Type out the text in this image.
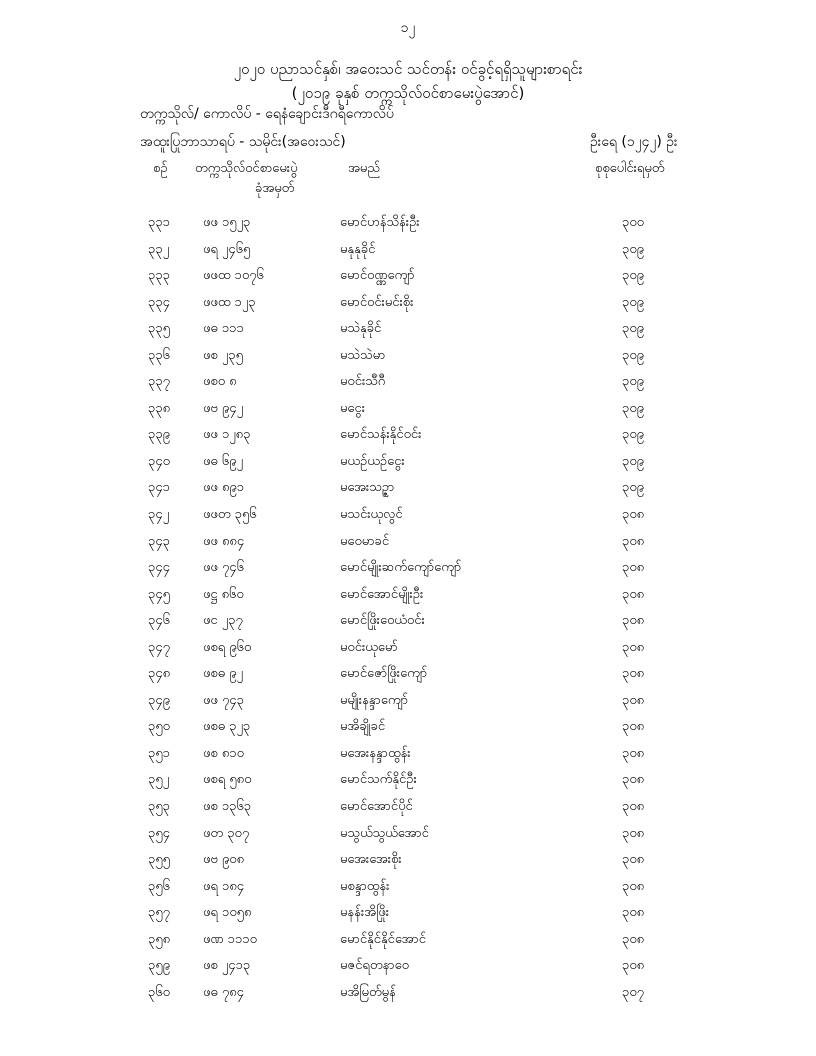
၁၂
၂၀၂၀ ပညာသင်နှစ်၊ အဝေးသင် သင်တန်း ဝင်ခွင့်ရရှိသူများစာရင်း
(၂၀၁၉ ခုနှစ် တက္ကသိုလ်ဝင်စာမေးပွဲအောင်)
တက္ကသိုလ်/ ကောလိပ် - ရေနံချောင်းဒီဂရီကောလိပ်
အထူးပြုဘာသာရပ် - သမိုင်း(အဝေးသင်)	ဦးရေ (၁၂၄၂) ဦး
စဉ် တက္ကသိုလ်ဝင်စာမေးပွဲ
ခုံအမှတ်
အမည်	စုစုပေါင်းရမှတ်
၃၃၁	ဖဖ ၁၅၂၃	မောင်ဟန်သိန်းဦး	၃၀၀
၃၃၂	ဖရ ၂၄၆၅	မနုနုခိုင်	၃၀၉
၃၃၃	ဖဖထ ၁၀၇၆	မောင်ဝဏ္ဏကျော်	၃၀၉
၃၃၄	ဖဖထ ၁၂၃	မောင်ဝင်းမင်းစိုး	၃၀၉
၃၃၅	ဖဓ ၁၁၁	မသဲနုခိုင်	၃၀၉
၃၃၆	ဖစ ၂၃၅	မသဲသဲမာ	၃၀၉
၃၃၇	ဖစဝ ၈	မဝင်းသီဂီ	၃၀၉
၃၃၈	ဖဗ ၉၄၂	မငွေး	၃၀၉
၃၃၉	ဖဖ ၁၂၈၃	မောင်သန်းနိုင်ဝင်း	၃၀၉
၃၄၀	ဖဓ ၆၉၂	မယဉ်ယဉ်ငွေး	၃၀၉
၃၄၁	ဖဖ ၈၉၁	မအေးသဉ္ဇာ	၃၀၉
၃၄၂	ဖဖတ ၃၅၆	မသင်းယုလွင်	၃၀၈
၃၄၃	ဖဖ ၈၈၄	မဝေမာခင်	၃၀၈
၃၄၄	ဖဖ ၇၄၆	မောင်မျိုးဆက်ကျော်ကျော်	၃၀၈
၃၄၅	ဖဋ္ဌ ၈၆၀	မောင်အောင်မျိုးဦး	၃၀၈
၃၄၆	ဖင ၂၃၇	မောင်ဖြိုးဝေယံဝင်း	၃၀၈
၃၄၇	ဖစရ ၉၆၀	မဝင်းယုမော်	၃၀၈
၃၄၈	ဖစဓ ၉၂	မောင်ဇော်ဖြိုးကျော်	၃၀၈
၃၄၉	ဖဖ ၇၄၃	မမျိုးနန္ဒာကျော်	၃၀၈
၃၅၀	ဖစဓ ၃၂၃	မအိချိုခင်	၃၀၈
၃၅၁	ဖစ ၈၁၀	မအေးနန္ဒာထွန်း	၃၀၈
၃၅၂	ဖစရ ၅၈၀	မောင်သက်နိုင်ဦး	၃၀၈
၃၅၃	ဖစ ၁၃၆၃	မောင်အောင်ပိုင်	၃၀၈
၃၅၄	ဖတ ၃၀၇	မသွယ်သွယ်အောင်	၃၀၈
၃၅၅	ဖဗ ၉၀၈	မအေးအေးစိုး	၃၀၈
၃၅၆	ဖရ ၁၈၄	မစန္ဒာထွန်း	၃၀၈
၃၅၇	ဖရ ၁၀၅၈	မနန်းအိဖြိုး	၃၀၈
၃၅၈	ဖဏ ၁၁၁၀	မောင်နိုင်နိုင်အောင်	၃၀၈
၃၅၉	ဖစ ၂၄၁၃	မဇင်ရတနာဝေ	၃၀၈
၃၆၀	ဖဓ ၇၈၄	မအိမြတ်မွန်	၃၀၇
